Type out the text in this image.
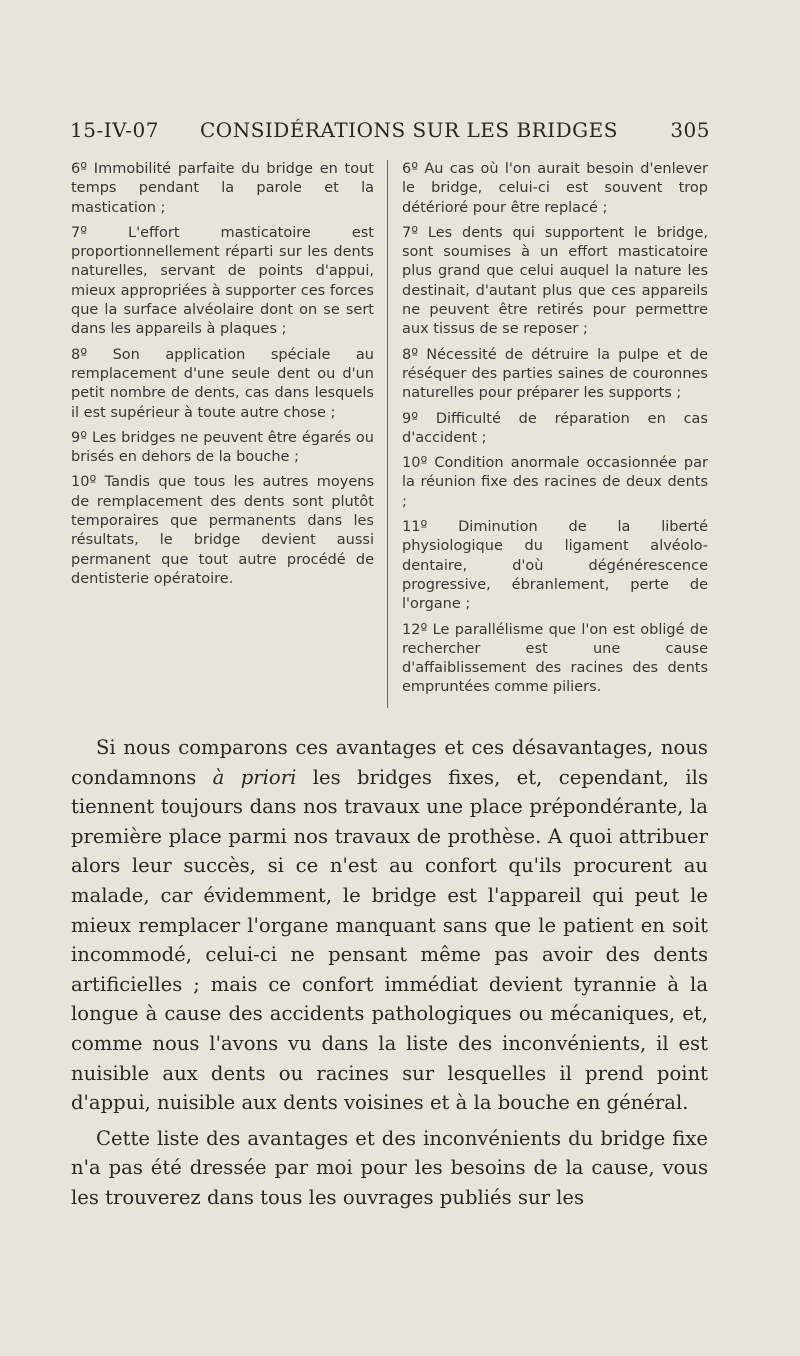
15-IV-07 CONSIDÉRATIONS SUR LES BRIDGES	305

6º Immobilité parfaite du bridge en tout temps pendant la parole et la mastication ;

7º L'effort masticatoire est proportionnellement réparti sur les dents naturelles, servant de points d'appui, mieux appropriées à supporter ces forces que la surface alvéolaire dont on se sert dans les appareils à plaques ;

8º Son application spéciale au remplacement d'une seule dent ou d'un petit nombre de dents, cas dans lesquels il est supérieur à toute autre chose ;

9º Les bridges ne peuvent être égarés ou brisés en dehors de la bouche ;

10º Tandis que tous les autres moyens de remplacement des dents sont plutôt temporaires que permanents dans les résultats, le bridge devient aussi permanent que tout autre procédé de dentisterie opératoire.

6º Au cas où l'on aurait besoin d'enlever le bridge, celui-ci est souvent trop détérioré pour être replacé ;

7º Les dents qui supportent le bridge, sont soumises à un effort masticatoire plus grand que celui auquel la nature les destinait, d'autant plus que ces appareils ne peuvent être retirés pour permettre aux tissus de se reposer ;

8º Nécessité de détruire la pulpe et de réséquer des parties saines de couronnes naturelles pour préparer les supports ;

9º Difficulté de réparation en cas d'accident ;

10º Condition anormale occasionnée par la réunion fixe des racines de deux dents ;

11º Diminution de la liberté physiologique du ligament alvéolo-dentaire, d'où dégénérescence progressive, ébranlement, perte de l'organe ;

12º Le parallélisme que l'on est obligé de rechercher est une cause d'affaiblissement des racines des dents empruntées comme piliers.

Si nous comparons ces avantages et ces désavantages, nous condamnons à priori les bridges fixes, et, cependant, ils tiennent toujours dans nos travaux une place prépondérante, la première place parmi nos travaux de prothèse. A quoi attribuer alors leur succès, si ce n'est au confort qu'ils procurent au malade, car évidemment, le bridge est l'appareil qui peut le mieux remplacer l'organe manquant sans que le patient en soit incommodé, celui-ci ne pensant même pas avoir des dents artificielles ; mais ce confort immédiat devient tyrannie à la longue à cause des accidents pathologiques ou mécaniques, et, comme nous l'avons vu dans la liste des inconvénients, il est nuisible aux dents ou racines sur lesquelles il prend point d'appui, nuisible aux dents voisines et à la bouche en général.

Cette liste des avantages et des inconvénients du bridge fixe n'a pas été dressée par moi pour les besoins de la cause, vous les trouverez dans tous les ouvrages publiés sur les
